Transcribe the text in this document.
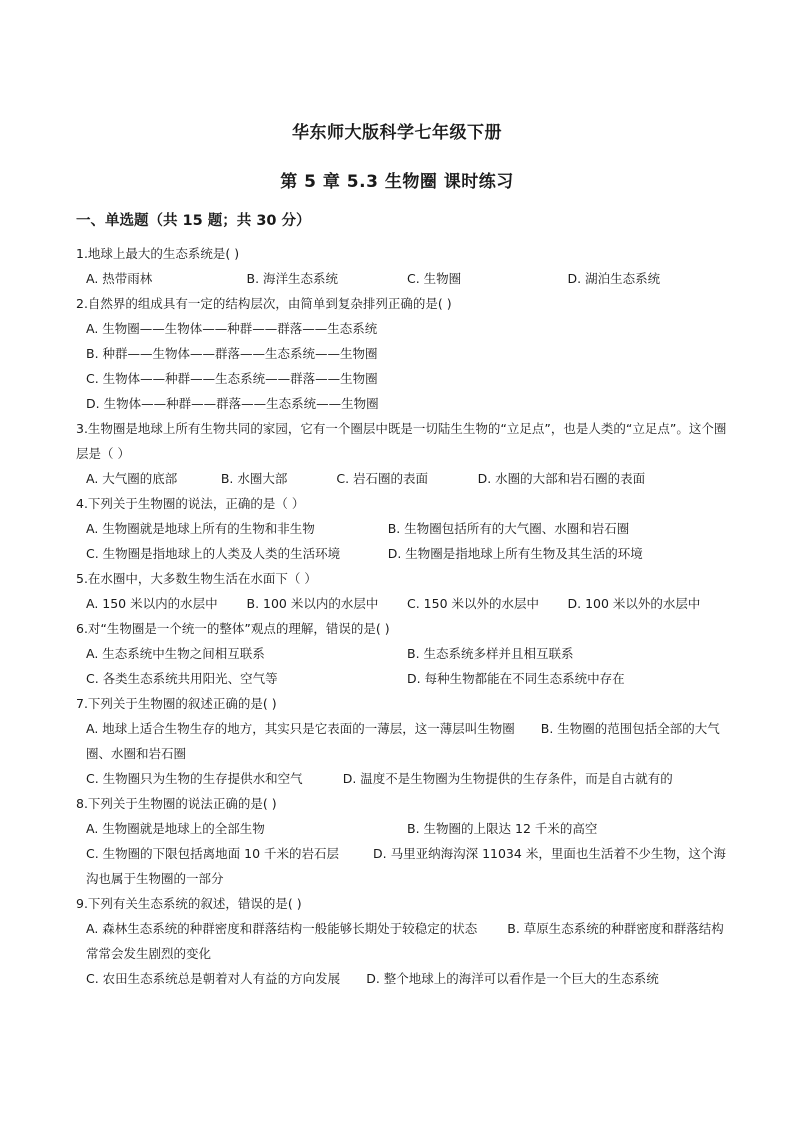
华东师大版科学七年级下册
第 5 章 5.3 生物圈 课时练习
一、单选题（共 15 题；共 30 分）

1.地球上最大的生态系统是( )

A. 热带雨林	B. 海洋生态系统	C. 生物圈	D. 湖泊生态系统

2.自然界的组成具有一定的结构层次，由简单到复杂排列正确的是( )

A. 生物圈——生物体——种群——群落——生态系统
B. 种群——生物体——群落——生态系统——生物圈
C. 生物体——种群——生态系统——群落——生物圈
D. 生物体——种群——群落——生态系统——生物圈

3.生物圈是地球上所有生物共同的家园，它有一个圈层中既是一切陆生生物的“立足点”，也是人类的“立足点”。这个圈层是（ ）

A. 大气圈的底部	B. 水圈大部	C. 岩石圈的表面	D. 水圈的大部和岩石圈的表面

4.下列关于生物圈的说法，正确的是（ ）

A. 生物圈就是地球上所有的生物和非生物	B. 生物圈包括所有的大气圈、水圈和岩石圈
C. 生物圈是指地球上的人类及人类的生活环境	D. 生物圈是指地球上所有生物及其生活的环境

5.在水圈中，大多数生物生活在水面下（ ）

A. 150 米以内的水层中	B. 100 米以内的水层中	C. 150 米以外的水层中	D. 100 米以外的水层中

6.对“生物圈是一个统一的整体”观点的理解，错误的是( )

A. 生态系统中生物之间相互联系	B. 生态系统多样并且相互联系
C. 各类生态系统共用阳光、空气等	D. 每种生物都能在不同生态系统中存在

7.下列关于生物圈的叙述正确的是( )

A. 地球上适合生物生存的地方，其实只是它表面的一薄层，这一薄层叫生物圈 B. 生物圈的范围包括全部的大气圈、水圈和岩石圈
C. 生物圈只为生物的生存提供水和空气	D. 温度不是生物圈为生物提供的生存条件，而是自古就有的

8.下列关于生物圈的说法正确的是( )

A. 生物圈就是地球上的全部生物	B. 生物圈的上限达 12 千米的高空
C. 生物圈的下限包括离地面 10 千米的岩石层	D. 马里亚纳海沟深 11034 米，里面也生活着不少生物，这个海沟也属于生物圈的一部分

9.下列有关生态系统的叙述，错误的是( )

A. 森林生态系统的种群密度和群落结构一般能够长期处于较稳定的状态 B. 草原生态系统的种群密度和群落结构常常会发生剧烈的变化
C. 农田生态系统总是朝着对人有益的方向发展 D. 整个地球上的海洋可以看作是一个巨大的生态系统
